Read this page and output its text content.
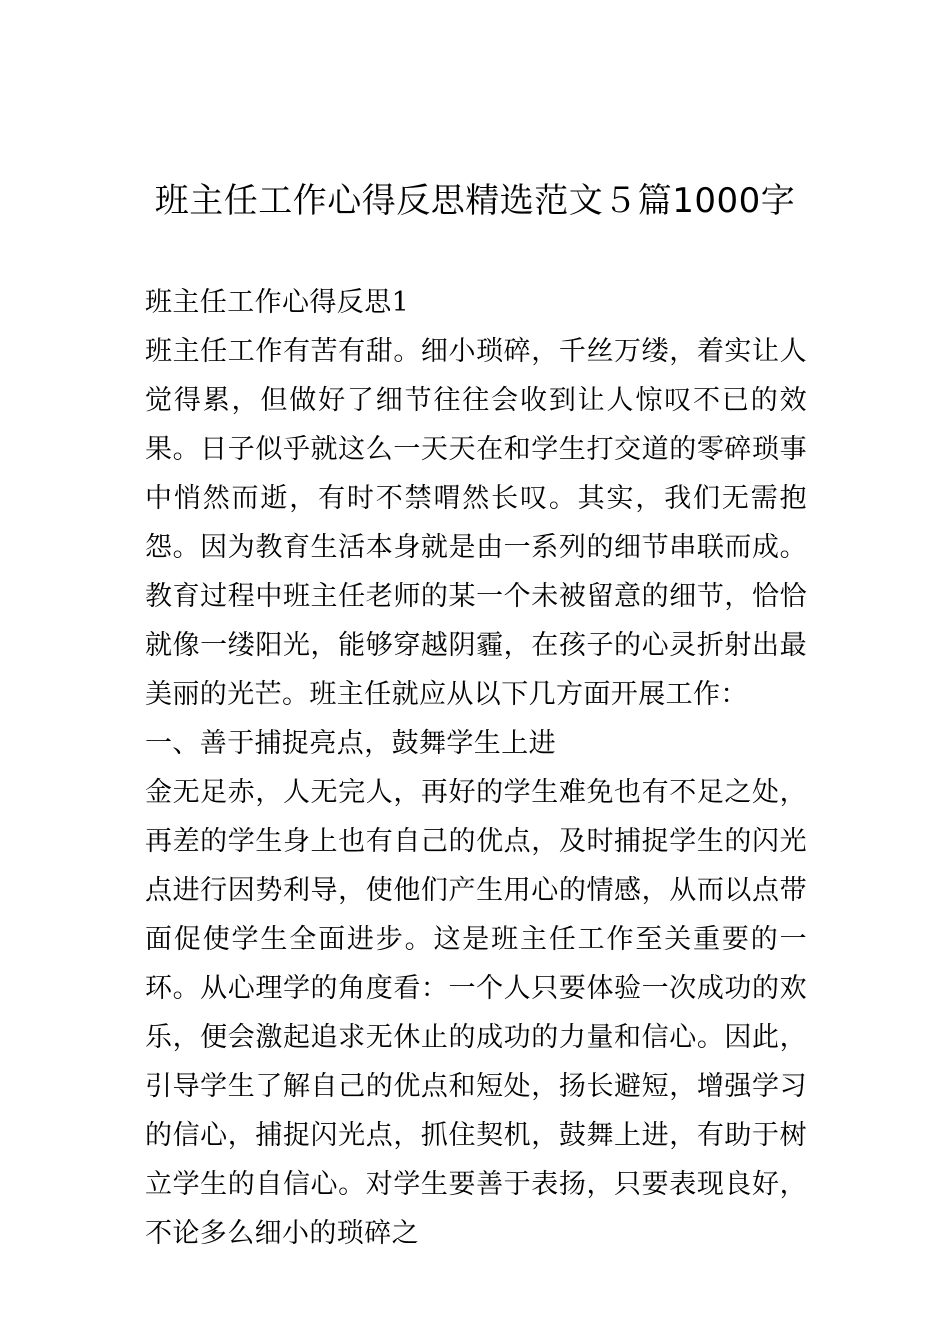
班主任工作心得反思精选范文５篇1000字

班主任工作心得反思1

班主任工作有苦有甜。细小琐碎，千丝万缕，着实让人觉得累，但做好了细节往往会收到让人惊叹不已的效果。日子似乎就这么一天天在和学生打交道的零碎琐事中悄然而逝，有时不禁喟然长叹。其实，我们无需抱怨。因为教育生活本身就是由一系列的细节串联而成。教育过程中班主任老师的某一个未被留意的细节，恰恰就像一缕阳光，能够穿越阴霾，在孩子的心灵折射出最美丽的光芒。班主任就应从以下几方面开展工作：

一、善于捕捉亮点，鼓舞学生上进

金无足赤，人无完人，再好的学生难免也有不足之处，再差的学生身上也有自己的优点，及时捕捉学生的闪光点进行因势利导，使他们产生用心的情感，从而以点带面促使学生全面进步。这是班主任工作至关重要的一环。从心理学的角度看：一个人只要体验一次成功的欢乐，便会激起追求无休止的成功的力量和信心。因此，引导学生了解自己的优点和短处，扬长避短，增强学习的信心，捕捉闪光点，抓住契机，鼓舞上进，有助于树立学生的自信心。对学生要善于表扬，只要表现良好，不论多么细小的琐碎之
